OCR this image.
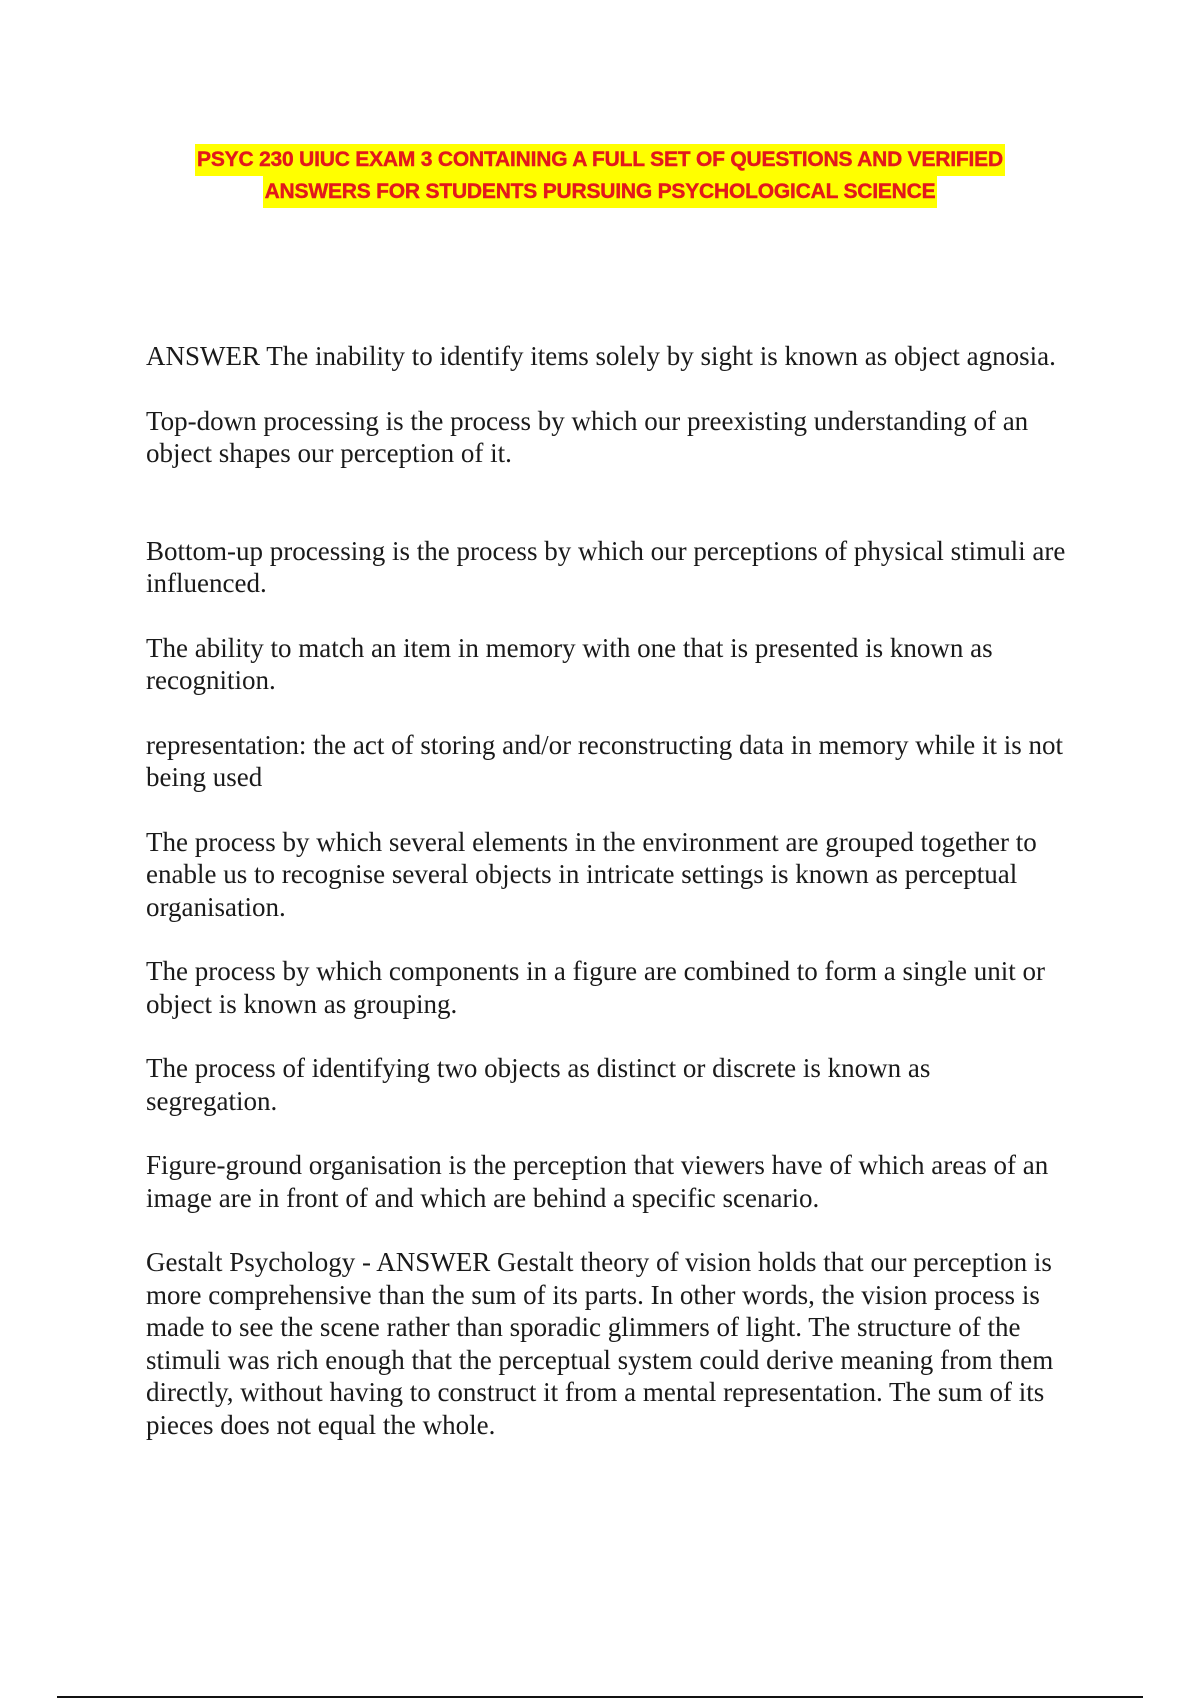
PSYC 230 UIUC EXAM 3 CONTAINING A FULL SET OF QUESTIONS AND VERIFIED
ANSWERS FOR STUDENTS PURSUING PSYCHOLOGICAL SCIENCE

ANSWER The inability to identify items solely by sight is known as object agnosia.

Top-down processing is the process by which our preexisting understanding of an object shapes our perception of it.

Bottom-up processing is the process by which our perceptions of physical stimuli are influenced.

The ability to match an item in memory with one that is presented is known as recognition.

representation: the act of storing and/or reconstructing data in memory while it is not being used

The process by which several elements in the environment are grouped together to enable us to recognise several objects in intricate settings is known as perceptual organisation.

The process by which components in a figure are combined to form a single unit or object is known as grouping.

The process of identifying two objects as distinct or discrete is known as segregation.

Figure-ground organisation is the perception that viewers have of which areas of an image are in front of and which are behind a specific scenario.

Gestalt Psychology - ANSWER Gestalt theory of vision holds that our perception is more comprehensive than the sum of its parts. In other words, the vision process is made to see the scene rather than sporadic glimmers of light. The structure of the stimuli was rich enough that the perceptual system could derive meaning from them directly, without having to construct it from a mental representation. The sum of its pieces does not equal the whole.
